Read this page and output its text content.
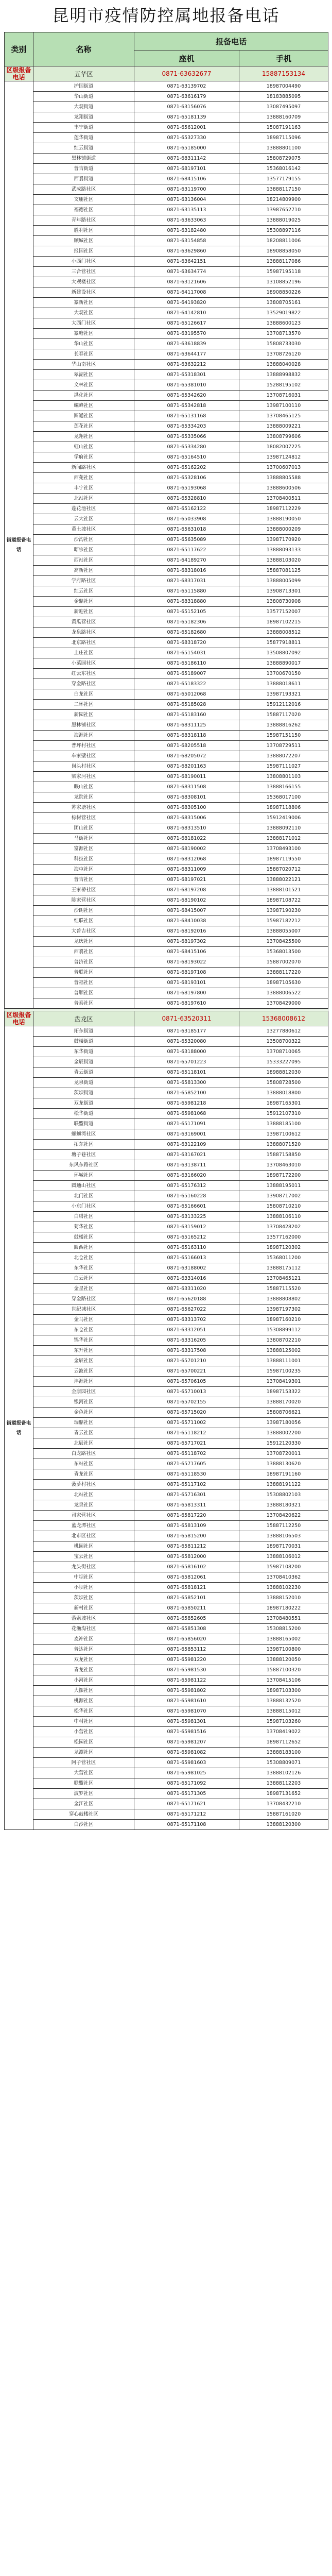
昆明市疫情防控属地报备电话
类别	名称	报备电话	
		座机	手机
区级报备电话	五华区	0871-63632677	15887153134
街道报备电话	护国街道	0871-63139702	18987004490
	华山街道	0871-63616179	18183885095
	大观街道	0871-63156076	13087495097
	龙翔街道	0871-65181139	13888160709
	丰宁街道	0871-65612001	15087191163
	莲华街道	0871-65327330	18987115096
	红云街道	0871-65185000	13888801100
	黑林铺街道	0871-68311142	15808729075

	普吉街道	0871-68197101	15368016142
	西翥街道	0871-68415106	13577179155
	武成路社区	0871-63119700	13888117150
	文庙社区	0871-63136004	18214809900
	福德社区	0871-63135113	13987652710
	青年路社区	0871-63633063	13888019025
	胜利社区	0871-63182480	15308897116
	顺城社区	0871-63154858	18208811006
	报国社区	0871-63629860	18908858050
	小西门社区	0871-63642151	13888117086
	三合营社区	0871-63634774	15987195118
	大观楼社区	0871-63121606	13108852196
	新建设社区	0871-64117008	18908850226
	篆新社区	0871-64193820	13808705161
	大观社区	0871-64142810	13529019822
	大西门社区	0871-65126617	13888600123
	篆塘社区	0871-63195570	13708713570
	华山社区	0871-63618839	15808733030
	长春社区	0871-63644177	13708726120
	华山南社区	0871-63632212	13888040028
	翠湖社区	0871-65318301	13888998832
	文林社区	0871-65381010	15288195102
	洪化社区	0871-65342620	13708716031
	螺峰社区	0871-65342818	13987100110
	圆通社区	0871-65131168	13708465125
	莲花社区	0871-65334203	13888009221
	龙翔社区	0871-65335066	13808799606
	虹山社区	0871-65334280	18082007225
	学府社区	0871-65164510	13987124812
	新闻路社区	0871-65162202	13700607013
	西苑社区	0871-65328106	13888805588
	丰宁社区	0871-65193068	13888600506
	北站社区	0871-65328810	13708400511
	莲花池社区	0871-65162122	18987112229
	云大社区	0871-65033908	13888190050
	黄土坡社区	0871-65631018	13888000209
	沙沟社区	0871-65635089	13987170920
	昭宗社区	0871-65117622	13888093133
	西站社区	0871-64189270	13888103020
	高新社区	0871-68318016	15887081125
	学府路社区	0871-68317031	13888005099
	红云社区	0871-65115880	13908713301
	金鼎社区	0871-68318880	13808730908
	新迎社区	0871-65152105	13577152007
	黄瓜营社区	0871-65182306	18987102215
	龙泉路社区	0871-65182680	13888008512
	北京路社区	0871-68318720	15877918811
	上庄社区	0871-65154031	13508807092
	小菜园社区	0871-65186110	13888890017
	红云东社区	0871-65189007	13700670150
	穿金路社区	0871-65183322	13888018611
	白龙社区	0871-65012068	13987193321
	二环社区	0871-65185028	15912112016
	新园社区	0871-65183160	15887117020
	黑林铺社区	0871-68311125	13888816262
	海源社区	0871-68318118	15987151150
	普坪村社区	0871-68205518	13708729511
	车家壁社区	0871-68205072	13888072207
	岗头村社区	0871-68201163	15987111027
	梁家河社区	0871-68190011	13808801103
	眠山社区	0871-68311508	13888166155
	龙院社区	0871-68308101	15368017100
	苏家塘社区	0871-68305100	18987118806
	棕树营社区	0871-68315006	15912419006
	团山社区	0871-68313510	13888092110
	马街社区	0871-68181022	13888171012
	富源社区	0871-68190002	13708493100
	科技社区	0871-68312068	18987119550
	海屯社区	0871-68311009	15887020712
	普吉社区	0871-68197021	13888022121
	王家桥社区	0871-68197208	13888101521
	陈家营社区	0871-68190102	18987108722
	沙朗社区	0871-68415007	13987190230
	红联社区	0871-68410038	15987182212
	大普吉社区	0871-68192016	13888055007
	龙庆社区	0871-68197302	13708425500
	西翥社区	0871-68415106	15368013500
	普济社区	0871-68193022	15887002070
	普联社区	0871-68197108	13888117220
	普福社区	0871-68193101	18987105630
	普顺社区	0871-68197800	13888006522
	普泰社区	0871-68197610	13708429000

区级报备电话	盘龙区	0871-63520311	15368008612
街道报备电话	拓东街道	0871-63185177	13277880612
	鼓楼街道	0871-65320080	13508700322
	东华街道	0871-63188000	13708710065
	金辰街道	0871-65701223	15333227095

	青云街道	0871-65118101	18988812030
	龙泉街道	0871-65813300	15808728500
	茨坝街道	0871-65852100	13888018800
	双龙街道	0871-65981218	18987165301
	松华街道	0871-65981068	15912107310
	联盟街道	0871-65171091	13888185100
	螺蛳湾社区	0871-63169001	13987100612
	拓东社区	0871-63122109	13888071520
	塘子巷社区	0871-63167021	15887158850
	东风东路社区	0871-63138711	13708463010
	环城社区	0871-63166020	18987172200
	圆通山社区	0871-65176312	13888195011
	北门社区	0871-65160228	13908717002
	小东门社区	0871-65166601	15808710210
	白塔社区	0871-63133225	13888106110
	菊华社区	0871-63159012	13708428202
	鼓楼社区	0871-65165212	13577162000
	圆西社区	0871-65163110	18987120302
	北仓社区	0871-65166013	15368011200
	东华社区	0871-63188002	13888175112
	白云社区	0871-63314016	13708465121
	金星社区	0871-63311020	15887115520
	穿金路社区	0871-65620188	13888808802
	世纪城社区	0871-65627022	13987197302
	金马社区	0871-63313702	18987160210
	东仓社区	0871-63312051	15308899112
	锦华社区	0871-63316205	13808702210
	东升社区	0871-63317508	13888125002
	金辰社区	0871-65701210	13888111001
	云波社区	0871-65700221	15987100235
	沣源社区	0871-65706105	13708419301
	金康园社区	0871-65710013	18987153322
	银河社区	0871-65702155	13888170020
	金色社区	0871-65715020	15808706621
	瑞鼎社区	0871-65711002	13987180056
	青云社区	0871-65118212	13888002200
	北辰社区	0871-65717021	15912120330
	白龙路社区	0871-65118702	13708720011
	东站社区	0871-65717605	13888130620
	青龙社区	0871-65118530	18987191160
	菠萝村社区	0871-65117102	13888191122
	北站社区	0871-65716301	15308802103
	龙泉社区	0871-65813311	13888180321
	司家营社区	0871-65817220	13708420622
	蓝龙潭社区	0871-65813109	15887112250
	北市区社区	0871-65815200	13888106503
	桃园社区	0871-65811212	18987170031
	宝云社区	0871-65812000	13888106012
	龙头街社区	0871-65816102	15987108200
	中坝社区	0871-65812061	13708410362
	小坝社区	0871-65818121	13888102230
	茨坝社区	0871-65852101	13888152010
	新村社区	0871-65850211	18987180222
	落索坡社区	0871-65852605	13708480551
	花渔沟社区	0871-65851308	15308815200
	麦冲社区	0871-65856020	13888165002
	普达社区	0871-65853112	13987100800
	双龙社区	0871-65981220	13888120050
	青龙社区	0871-65981530	15887100320
	小河社区	0871-65981122	13708415106
	大摆社区	0871-65981802	18987103300
	桃源社区	0871-65981610	13888132520
	松华社区	0871-65981070	13888115012
	中村社区	0871-65981301	15987103260
	小营社区	0871-65981516	13708419022
	松园社区	0871-65981207	18987112652
	龙潭社区	0871-65981082	13888183100
	阿子营社区	0871-65981603	15308809071
	大营社区	0871-65981025	13888102126
	联盟社区	0871-65171092	13888112203
	波罗社区	0871-65171305	18987131652
	金江社区	0871-65171621	13708432210
	穿心鼓楼社区	0871-65171212	15887161020
	白沙社区	0871-65171108	13888120300
